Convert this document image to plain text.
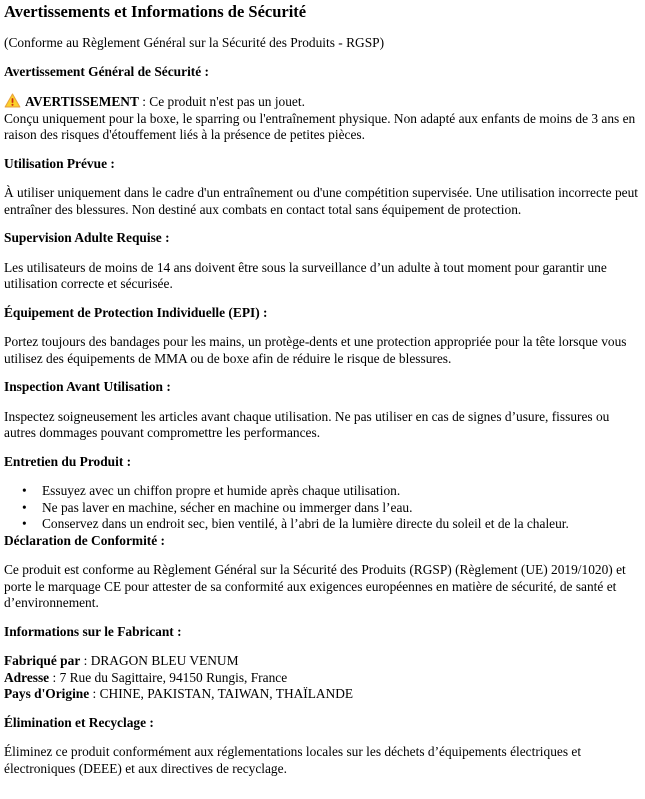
Avertissements et Informations de Sécurité

(Conforme au Règlement Général sur la Sécurité des Produits - RGSP)

Avertissement Général de Sécurité :

AVERTISSEMENT : Ce produit n'est pas un jouet.

Conçu uniquement pour la boxe, le sparring ou l'entraînement physique. Non adapté aux enfants de moins de 3 ans en raison des risques d'étouffement liés à la présence de petites pièces.

Utilisation Prévue :

À utiliser uniquement dans le cadre d'un entraînement ou d'une compétition supervisée. Une utilisation incorrecte peut entraîner des blessures. Non destiné aux combats en contact total sans équipement de protection.

Supervision Adulte Requise :

Les utilisateurs de moins de 14 ans doivent être sous la surveillance d’un adulte à tout moment pour garantir une utilisation correcte et sécurisée.

Équipement de Protection Individuelle (EPI) :

Portez toujours des bandages pour les mains, un protège-dents et une protection appropriée pour la tête lorsque vous utilisez des équipements de MMA ou de boxe afin de réduire le risque de blessures.

Inspection Avant Utilisation :

Inspectez soigneusement les articles avant chaque utilisation. Ne pas utiliser en cas de signes d’usure, fissures ou autres dommages pouvant compromettre les performances.

Entretien du Produit :

• Essuyez avec un chiffon propre et humide après chaque utilisation.
• Ne pas laver en machine, sécher en machine ou immerger dans l’eau.
• Conservez dans un endroit sec, bien ventilé, à l’abri de la lumière directe du soleil et de la chaleur.

Déclaration de Conformité :

Ce produit est conforme au Règlement Général sur la Sécurité des Produits (RGSP) (Règlement (UE) 2019/1020) et porte le marquage CE pour attester de sa conformité aux exigences européennes en matière de sécurité, de santé et d’environnement.

Informations sur le Fabricant :

Fabriqué par : DRAGON BLEU VENUM
Adresse : 7 Rue du Sagittaire, 94150 Rungis, France
Pays d'Origine : CHINE, PAKISTAN, TAIWAN, THAÏLANDE

Élimination et Recyclage :

Éliminez ce produit conformément aux réglementations locales sur les déchets d’équipements électriques et électroniques (DEEE) et aux directives de recyclage.
